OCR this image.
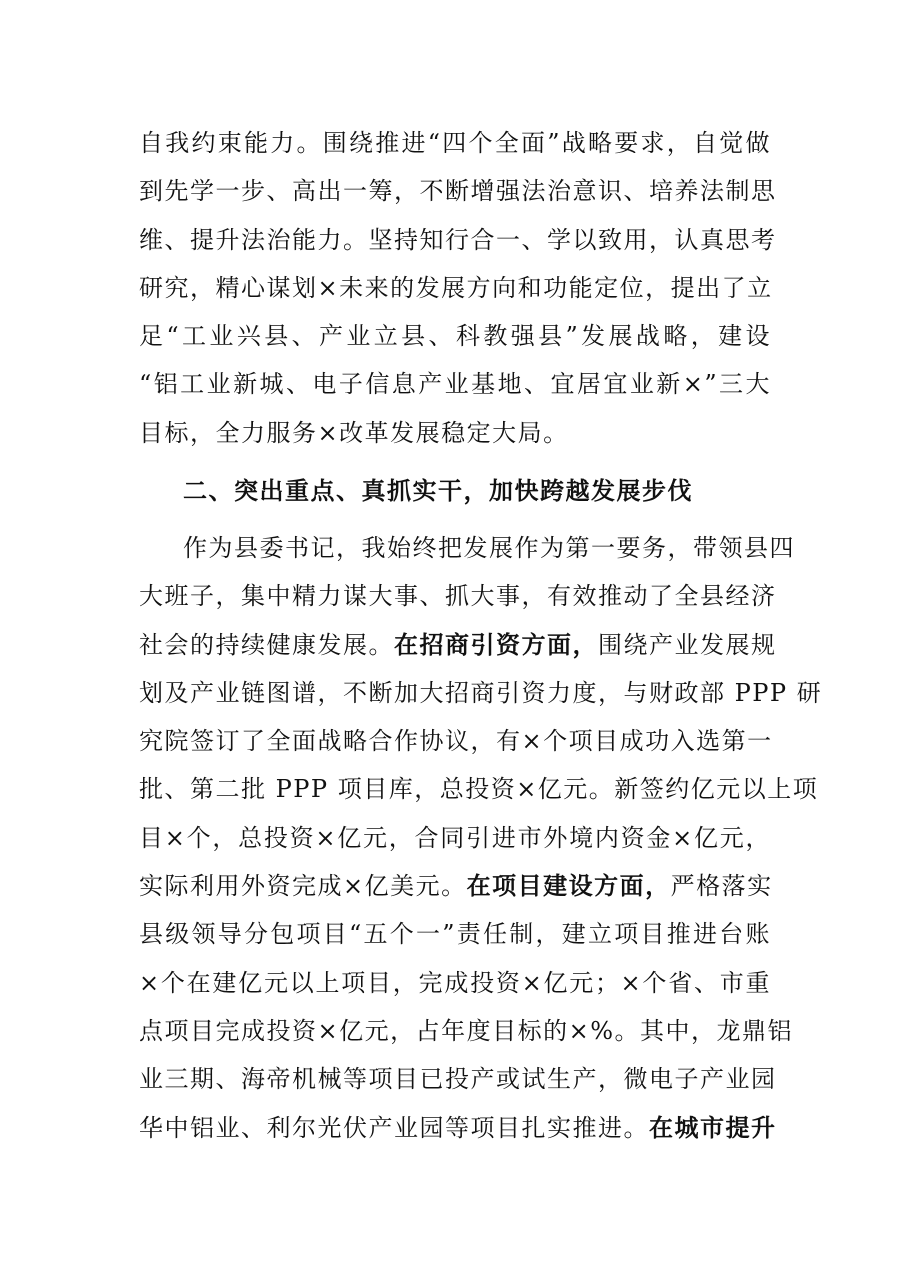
自我约束能力。围绕推进“四个全面”战略要求，自觉做
到先学一步、高出一筹，不断增强法治意识、培养法制思
维、提升法治能力。坚持知行合一、学以致用，认真思考
研究，精心谋划×未来的发展方向和功能定位，提出了立
足“工业兴县、产业立县、科教强县”发展战略，建设
“铝工业新城、电子信息产业基地、宜居宜业新×”三大
目标，全力服务×改革发展稳定大局。
二、突出重点、真抓实干，加快跨越发展步伐
作为县委书记，我始终把发展作为第一要务，带领县四
大班子，集中精力谋大事、抓大事，有效推动了全县经济
社会的持续健康发展。在招商引资方面，围绕产业发展规
划及产业链图谱，不断加大招商引资力度，与财政部 PPP 研
究院签订了全面战略合作协议，有×个项目成功入选第一
批、第二批 PPP 项目库，总投资×亿元。新签约亿元以上项
目×个，总投资×亿元，合同引进市外境内资金×亿元，
实际利用外资完成×亿美元。在项目建设方面，严格落实
县级领导分包项目“五个一”责任制，建立项目推进台账
×个在建亿元以上项目，完成投资×亿元；×个省、市重
点项目完成投资×亿元，占年度目标的×%。其中，龙鼎铝
业三期、海帝机械等项目已投产或试生产，微电子产业园
华中铝业、利尔光伏产业园等项目扎实推进。在城市提升
